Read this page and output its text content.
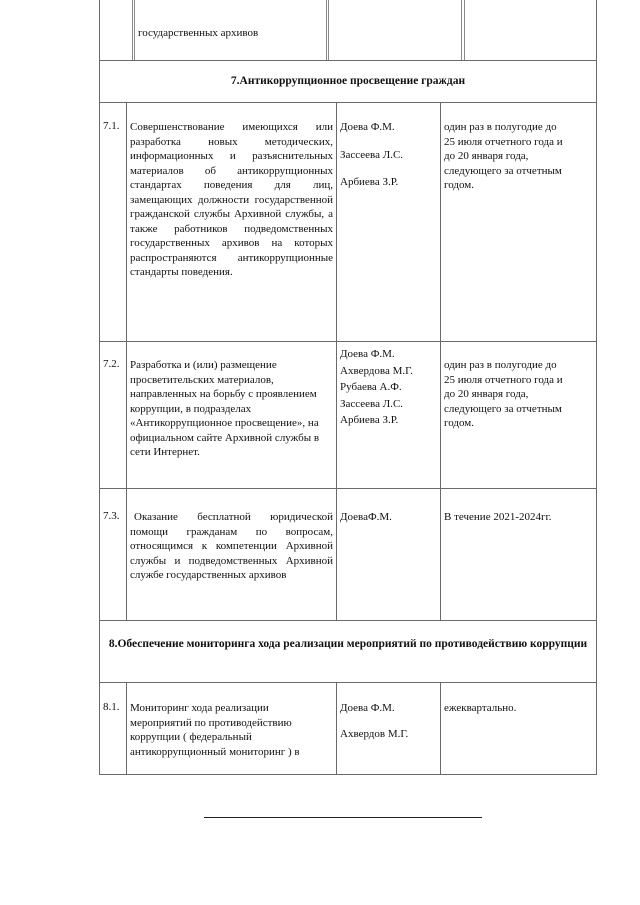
государственных архивов
7.Антикоррупционное просвещение граждан
7.1. Совершенствование имеющихся или разработка новых методических, информационных и разъяснительных материалов об антикоррупционных стандартах поведения для лиц, замещающих должности государственной гражданской службы Архивной службы, а также работников подведомственных государственных архивов на которых распространяются антикоррупционные стандарты поведения.
Доева Ф.М.
Зассеева Л.С.
Арбиева З.Р.
один раз в полугодие до
25 июля отчетного года и
до 20 января года,
следующего за отчетным
годом.
7.2. Разработка и (или) размещение просветительских материалов, направленных на борьбу с проявлением коррупции, в подразделах «Антикоррупционное просвещение», на официальном сайте Архивной службы в сети Интернет.
Доева Ф.М.
Ахвердова М.Г.
Рубаева А.Ф.
Зассеева Л.С.
Арбиева З.Р.
один раз в полугодие до
25 июля отчетного года и
до 20 января года,
следующего за отчетным
годом.
7.3.	Оказание бесплатной юридической помощи гражданам по вопросам, относящимся к компетенции Архивной службы и подведомственных Архивной службе государственных архивов
ДоеваФ.М.	В течение 2021-2024гг.
8.Обеспечение мониторинга хода реализации мероприятий по противодействию коррупции
8.1. Мониторинг хода реализации мероприятий по противодействию коррупции ( федеральный антикоррупционный мониторинг ) в
Доева Ф.М.
Ахвердов М.Г.
ежеквартально.
